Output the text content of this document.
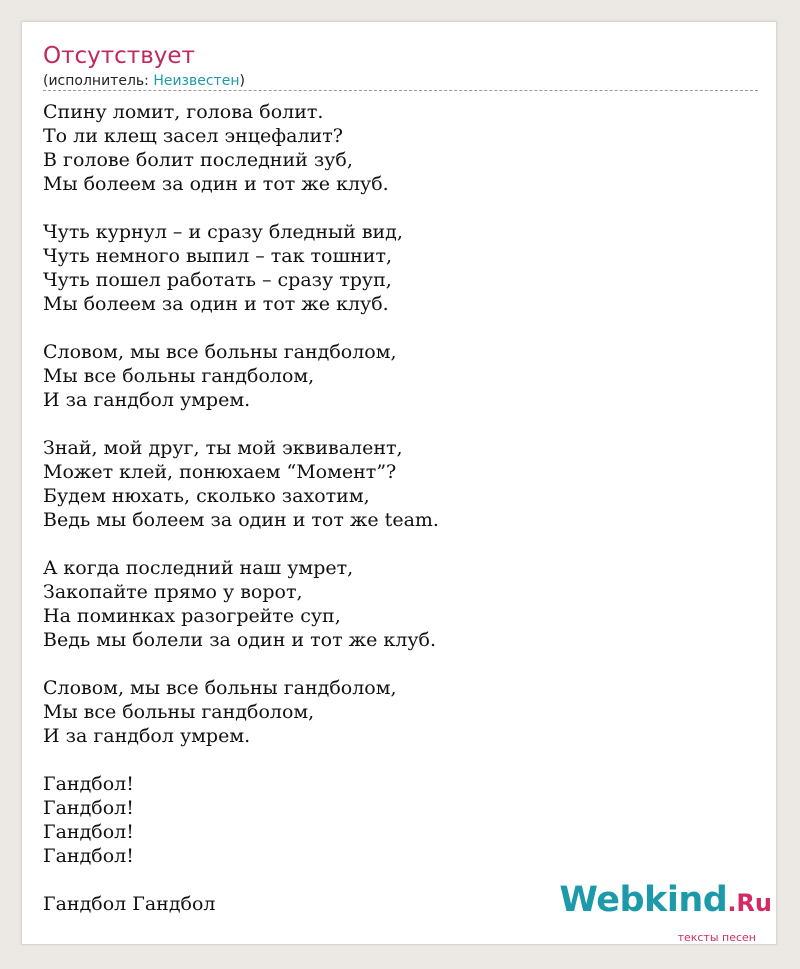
Отсутствует
(исполнитель: Неизвестен)
Спину ломит, голова болит.
То ли клещ засел энцефалит?
В голове болит последний зуб,
Мы болеем за один и тот же клуб.
Чуть курнул – и сразу бледный вид,
Чуть немного выпил – так тошнит,
Чуть пошел работать – сразу труп,
Мы болеем за один и тот же клуб.
Словом, мы все больны гандболом,
Мы все больны гандболом,
И за гандбол умрем.
Знай, мой друг, ты мой эквивалент,
Может клей, понюхаем “Момент”?
Будем нюхать, сколько захотим,
Ведь мы болеем за один и тот же team.
А когда последний наш умрет,
Закопайте прямо у ворот,
На поминках разогрейте суп,
Ведь мы болели за один и тот же клуб.
Словом, мы все больны гандболом,
Мы все больны гандболом,
И за гандбол умрем.
Гандбол!
Гандбол!
Гандбол!
Гандбол!
Гандбол Гандбол	Webkind.Ru
тексты песен
